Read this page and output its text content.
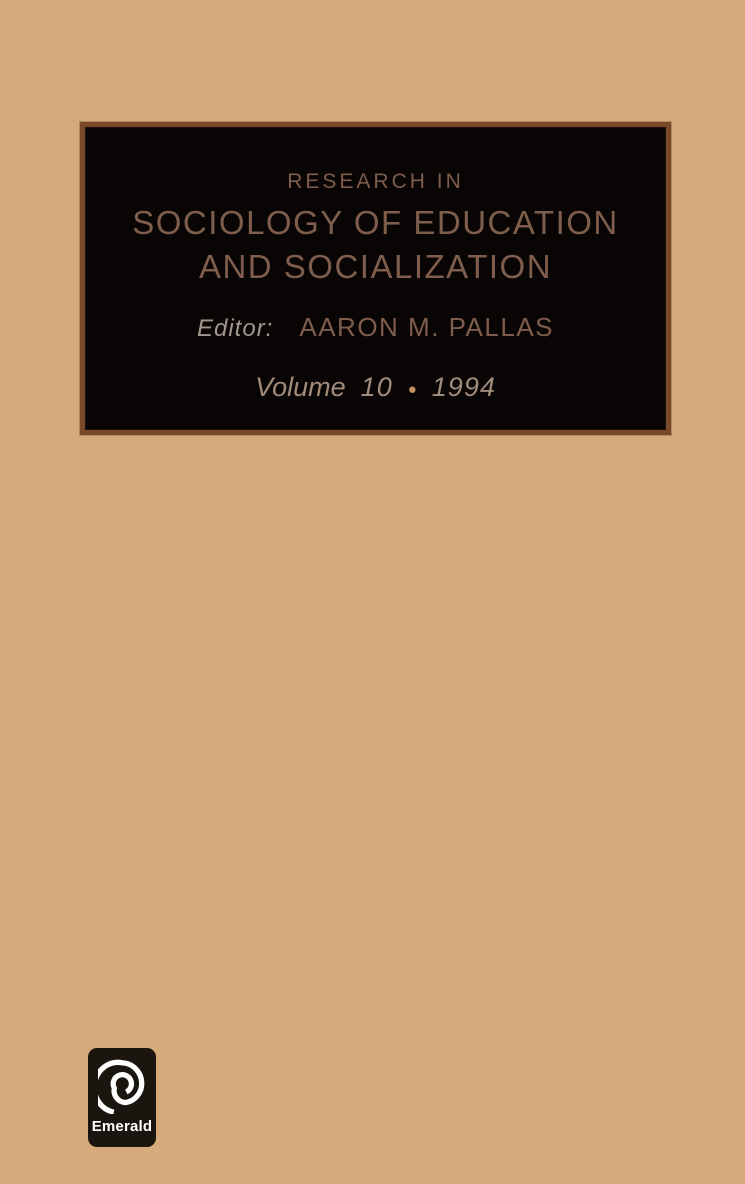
RESEARCH IN
SOCIOLOGY OF EDUCATION
AND SOCIALIZATION
Editor: AARON M. PALLAS
Volume 10 ● 1994
Emerald
